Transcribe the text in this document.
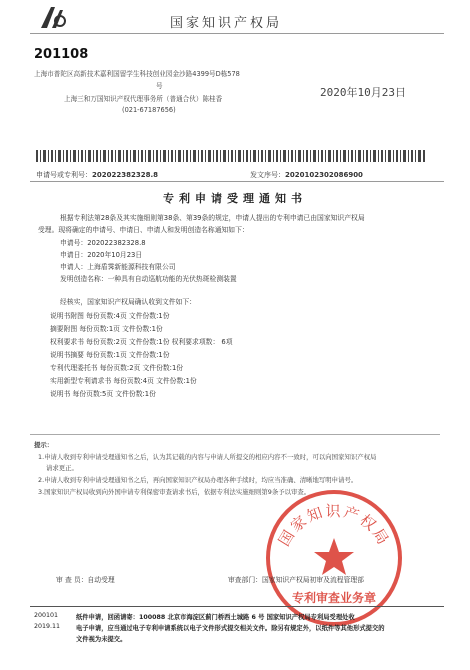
国家知识产权局
201108
上海市普陀区高新技术嘉利国留学生科技创业园金沙路4399号D栋578
号
上海三和万国知识产权代理事务所（普通合伙）陈桂香
(021-67187656)
2020年10月23日
申请号或专利号：202022382328.8	发文序号：2020102302086900
专利申请受理通知书
根据专利法第28条及其实施细则第38条、第39条的规定，申请人提出的专利申请已由国家知识产权局
受理。现将确定的申请号、申请日、申请人和发明创造名称通知如下：
申请号：202022382328.8
申请日：2020年10月23日
申请人：上海盾霁新能源科技有限公司
发明创造名称：一种具有自动巡航功能的光伏热斑检测装置
经核实，国家知识产权局确认收到文件如下：
说明书附图 每份页数:4页 文件份数:1份
摘要附图 每份页数:1页 文件份数:1份
权利要求书 每份页数:2页 文件份数:1份 权利要求项数： 6项
说明书摘要 每份页数:1页 文件份数:1份
专利代理委托书 每份页数:2页 文件份数:1份
实用新型专利请求书 每份页数:4页 文件份数:1份
说明书 每份页数:5页 文件份数:1份
提示：
1.申请人收到专利申请受理通知书之后，认为其记载的内容与申请人所提交的相应内容不一致时，可以向国家知识产权局
请求更正。
2.申请人收到专利申请受理通知书之后，再向国家知识产权局办理各种手续时，均应当准确、清晰地写明申请号。
3.国家知识产权局收到向外国申请专利保密审查请求书后，依据专利法实施细则第9条予以审查。
国家知识产权局
专利审查业务章
审 查 员：自动受理	审查部门：国家知识产权局初审及流程管理部
200101
2019.11
纸件申请，回函请寄：100088 北京市海淀区蓟门桥西土城路 6 号 国家知识产权局专利局受理处收
电子申请，应当通过电子专利申请系统以电子文件形式提交相关文件。除另有规定外，以纸件等其他形式提交的
文件视为未提交。
